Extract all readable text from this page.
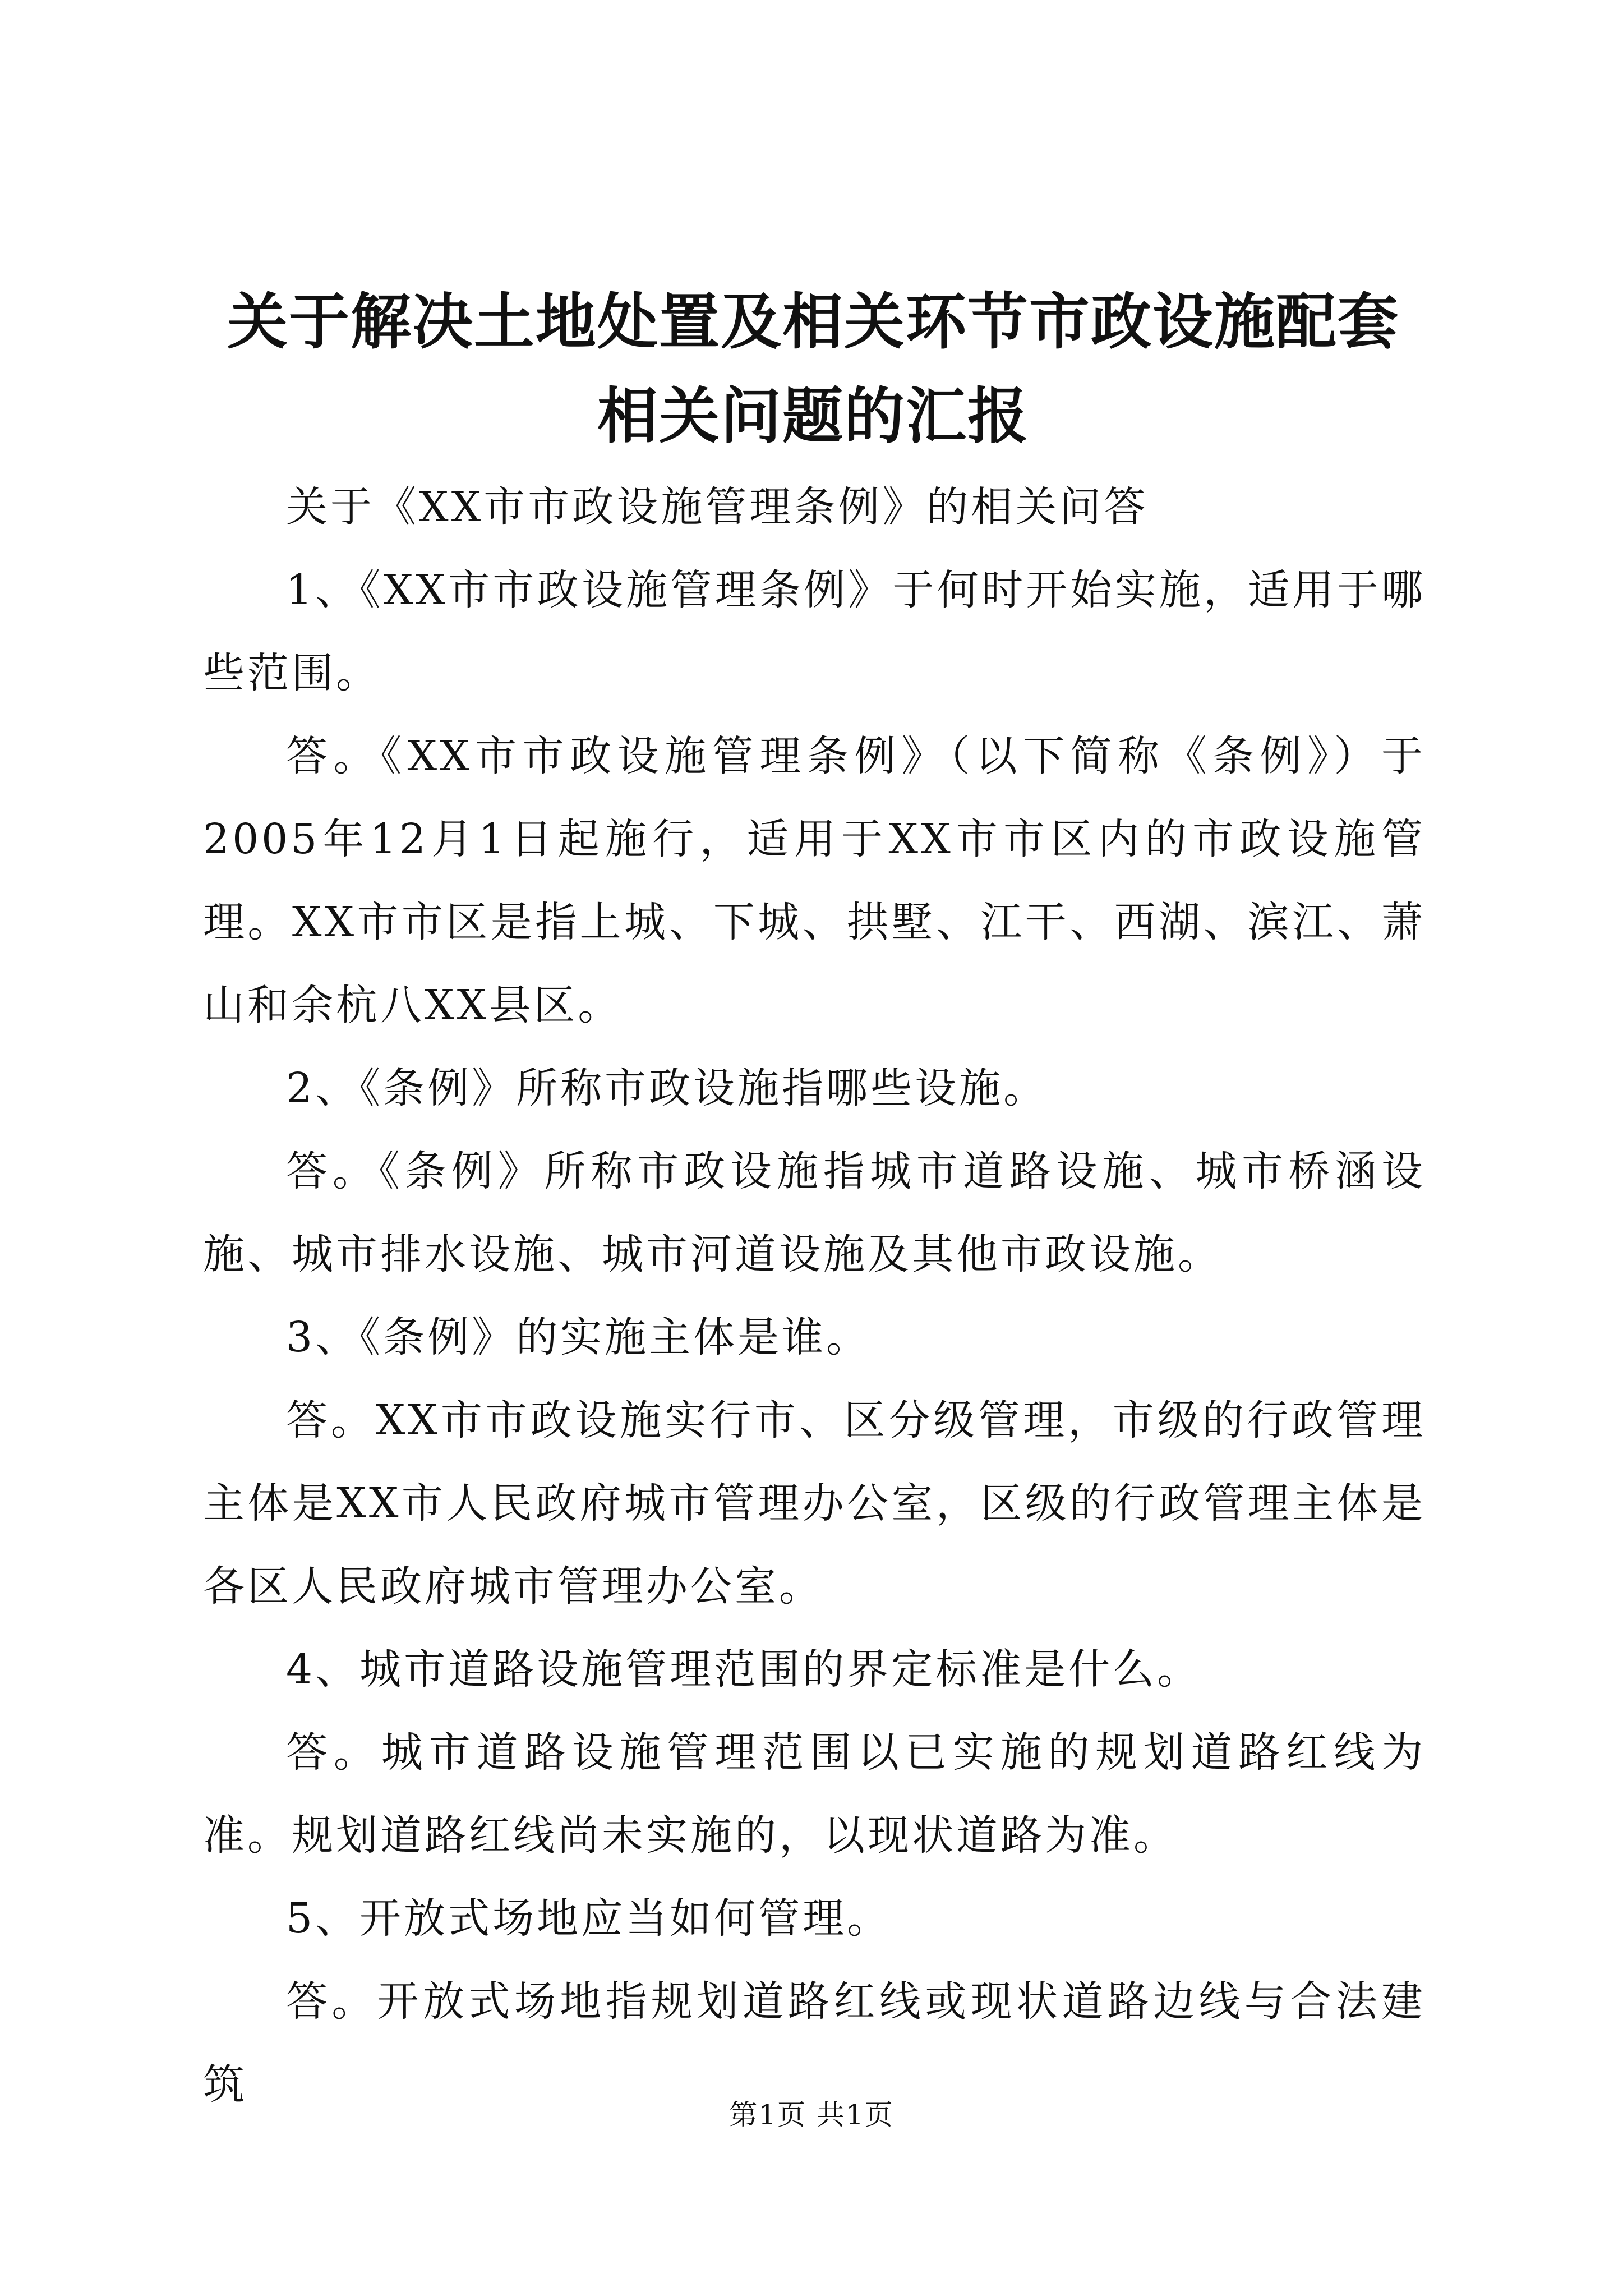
关于解决土地处置及相关环节市政设施配套相关问题的汇报

关于《XX市市政设施管理条例》的相关问答

1、《XX市市政设施管理条例》于何时开始实施，适用于哪些范围。

答。《XX市市政设施管理条例》（以下简称《条例》）于2005年12月1日起施行，适用于XX市市区内的市政设施管理。XX市市区是指上城、下城、拱墅、江干、西湖、滨江、萧山和余杭八XX县区。

2、《条例》所称市政设施指哪些设施。

答。《条例》所称市政设施指城市道路设施、城市桥涵设施、城市排水设施、城市河道设施及其他市政设施。

3、《条例》的实施主体是谁。

答。XX市市政设施实行市、区分级管理，市级的行政管理主体是XX市人民政府城市管理办公室，区级的行政管理主体是各区人民政府城市管理办公室。

4、城市道路设施管理范围的界定标准是什么。

答。城市道路设施管理范围以已实施的规划道路红线为准。规划道路红线尚未实施的，以现状道路为准。

5、开放式场地应当如何管理。

答。开放式场地指规划道路红线或现状道路边线与合法建筑

第1页 共1页
